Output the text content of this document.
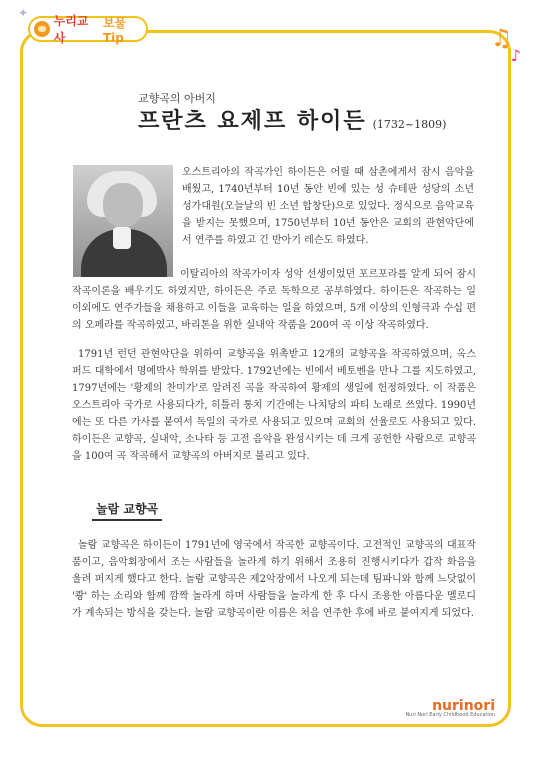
✦
누리교사
보물Tip	♫
♪
교향곡의 아버지
프란츠 요제프 하이든 (1732~1809)

오스트리아의 작곡가인 하이든은 어릴 때 삼촌에게서 잠시 음악을 배웠고, 1740년부터 10년 동안 빈에 있는 성 슈테판 성당의 소년 성가대원(오늘날의 빈 소년 합창단)으로 있었다. 정식으로 음악교육을 받지는 못했으며, 1750년부터 10년 동안은 교회의 관현악단에서 연주를 하였고 긴 반아기 레슨도 하였다.

이탈리아의 작곡가이자 성악 선생이었던 포르포라를 알게 되어 잠시 작곡이론을 배우기도 하였지만, 하이든은 주로 독학으로 공부하였다. 하이든은 작곡하는 일 이외에도 연주가들을 채용하고 이들을 교육하는 일을 하였으며, 5개 이상의 인형극과 수십 편의 오페라를 작곡하였고, 바리톤을 위한 실내악 작품을 200여 곡 이상 작곡하였다.

1791년 런던 관현악단을 위하여 교향곡을 위촉받고 12개의 교향곡을 작곡하였으며, 옥스퍼드 대학에서 명예박사 학위를 받았다. 1792년에는 빈에서 베토벤을 만나 그를 지도하였고, 1797년에는 '황제의 찬미가'로 알려진 곡을 작곡하여 황제의 생일에 헌정하였다. 이 작품은 오스트리아 국가로 사용되다가, 히틀러 통치 기간에는 나치당의 파티 노래로 쓰였다. 1990년에는 또 다른 가사를 붙여서 독일의 국가로 사용되고 있으며 교회의 선율로도 사용되고 있다. 하이든은 교향곡, 실내악, 소나타 등 고전 음악을 완성시키는 데 크게 공헌한 사람으로 교향곡을 100여 곡 작곡해서 교향곡의 아버지로 불리고 있다.

놀람 교향곡

놀람 교향곡은 하이든이 1791년에 영국에서 작곡한 교향곡이다. 고전적인 교향곡의 대표작품이고, 음악회장에서 조는 사람들을 놀라게 하기 위해서 조용히 진행시키다가 갑작 화음을 울려 퍼지게 했다고 한다. 놀람 교향곡은 제2악장에서 나오게 되는데 팀파니와 함께 느닷없이 '쾅' 하는 소리와 함께 깜짝 놀라게 하며 사람들을 놀라게 한 후 다시 조용한 아름다운 멜로디가 계속되는 방식을 갖는다. 놀람 교향곡이란 이름은 처음 연주한 후에 바로 붙여지게 되었다.

nurinori
Nuri Nori Early Childhood Education
